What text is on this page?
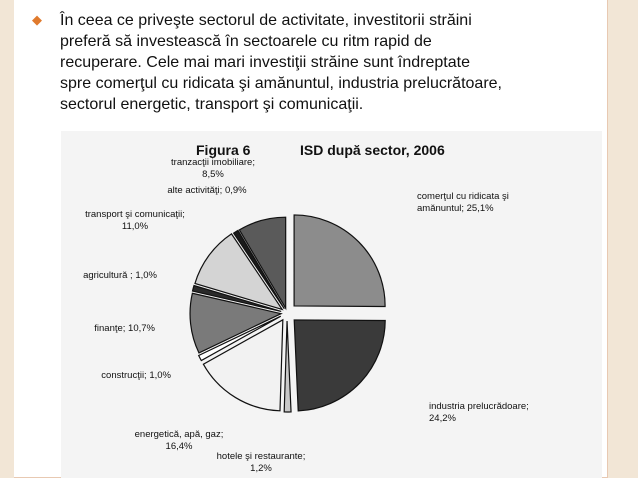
◆ În ceea ce priveşte sectorul de activitate, investitorii străini
preferă să investească în sectoarele cu ritm rapid de
recuperare. Cele mai mari investiţii străine sunt îndreptate
spre comerţul cu ridicata şi amănuntul, industria prelucrătoare,
sectorul energetic, transport şi comunicaţii.

Figura 6	ISD după sector, 2006
comerţul cu ridicata şi amănuntul; 25,1%
industria prelucrădoare; 24,2%
hotele şi restaurante; 1,2%
energetică, apă, gaz; 16,4%
construcţii; 1,0%
finanţe; 10,7%
agricultură ; 1,0%
transport şi comunicaţii; 11,0%
alte activităţi; 0,9%
tranzacţii imobiliare; 8,5%
